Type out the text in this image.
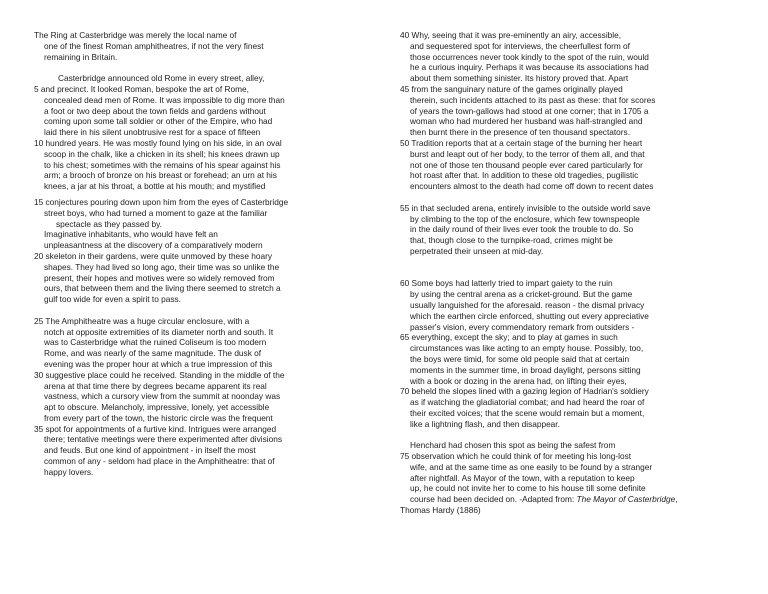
The Ring at Casterbridge was merely the local name of
one of the finest Roman amphitheatres, if not the very finest
remaining in Britain.
Casterbridge announced old Rome in every street, alley,
5 and precinct. It looked Roman, bespoke the art of Rome,
concealed dead men of Rome. It was impossible to dig more than
a foot or two deep about the town fields and gardens without
coming upon some tall soldier or other of the Empire, who had
laid there in his silent unobtrusive rest for a space of fifteen
10 hundred years. He was mostly found lying on his side, in an oval
scoop in the chalk, like a chicken in its shell; his knees drawn up
to his chest; sometimes with the remains of his spear against his
arm; a brooch of bronze on his breast or forehead; an urn at his
knees, a jar at his throat, a bottle at his mouth; and mystified
15 conjectures pouring down upon him from the eyes of Casterbridge
street boys, who had turned a moment to gaze at the familiar
spectacle as they passed by.
Imaginative inhabitants, who would have felt an
unpleasantness at the discovery of a comparatively modern
20 skeleton in their gardens, were quite unmoved by these hoary
shapes. They had lived so long ago, their time was so unlike the
present, their hopes and motives were so widely removed from
ours, that between them and the living there seemed to stretch a
gulf too wide for even a spirit to pass.
25 The Amphitheatre was a huge circular enclosure, with a
notch at opposite extremities of its diameter north and south. It
was to Casterbridge what the ruined Coliseum is too modern
Rome, and was nearly of the same magnitude. The dusk of
evening was the proper hour at which a true impression of this
30 suggestive place could he received. Standing in the middle of the
arena at that time there by degrees became apparent its real
vastness, which a cursory view from the summit at noonday was
apt to obscure. Melancholy, impressive, lonely, yet accessible
from every part of the town, the historic circle was the frequent
35 spot for appointments of a furtive kind. Intrigues were arranged
there; tentative meetings were there experimented after divisions
and feuds. But one kind of appointment - in itself the most
common of any - seldom had place in the Amphitheatre: that of
happy lovers.
40 Why, seeing that it was pre-eminently an airy, accessible,
and sequestered spot for interviews, the cheerfullest form of
those occurrences never took kindly to the spot of the ruin, would
he a curious inquiry. Perhaps it was because its associations had
about them something sinister. Its history proved that. Apart
45 from the sanguinary nature of the games originally played
therein, such incidents attached to its past as these: that for scores
of years the town-gallows had stood at one corner; that in 1705 a
woman who had murdered her husband was half-strangled and
then burnt there in the presence of ten thousand spectators.
50 Tradition reports that at a certain stage of the burning her heart
burst and leapt out of her body, to the terror of them all, and that
not one of those ten thousand people ever cared particularly for
hot roast after that. In addition to these old tragedies, pugilistic
encounters almost to the death had come off down to recent dates
55 in that secluded arena, entirely invisible to the outside world save
by climbing to the top of the enclosure, which few townspeople
in the daily round of their lives ever took the trouble to do. So
that, though close to the turnpike-road, crimes might be
perpetrated their unseen at mid-day.
60 Some boys had latterly tried to impart gaiety to the ruin
by using the central arena as a cricket-ground. But the game
usually languished for the aforesaid. reason - the dismal privacy
which the earthen circle enforced, shutting out every appreciative
passer's vision, every commendatory remark from outsiders -
65 everything, except the sky; and to play at games in such
circumstances was like acting to an empty house. Possibly, too,
the boys were timid, for some old people said that at certain
moments in the summer time, in broad daylight, persons sitting
with a book or dozing in the arena had, on lifting their eyes,
70 beheld the slopes lined with a gazing legion of Hadrian's soldiery
as if watching the gladiatorial combat; and had heard the roar of
their excited voices; that the scene would remain but a moment,
like a lightning flash, and then disappear.
Henchard had chosen this spot as being the safest from
75 observation which he could think of for meeting his long-lost
wife, and at the same time as one easily to be found by a stranger
after nightfall. As Mayor of the town, with a reputation to keep
up, he could not invite her to come to his house till some definite
course had been decided on. -Adapted from: The Mayor of Casterbridge,
Thomas Hardy (1886)
